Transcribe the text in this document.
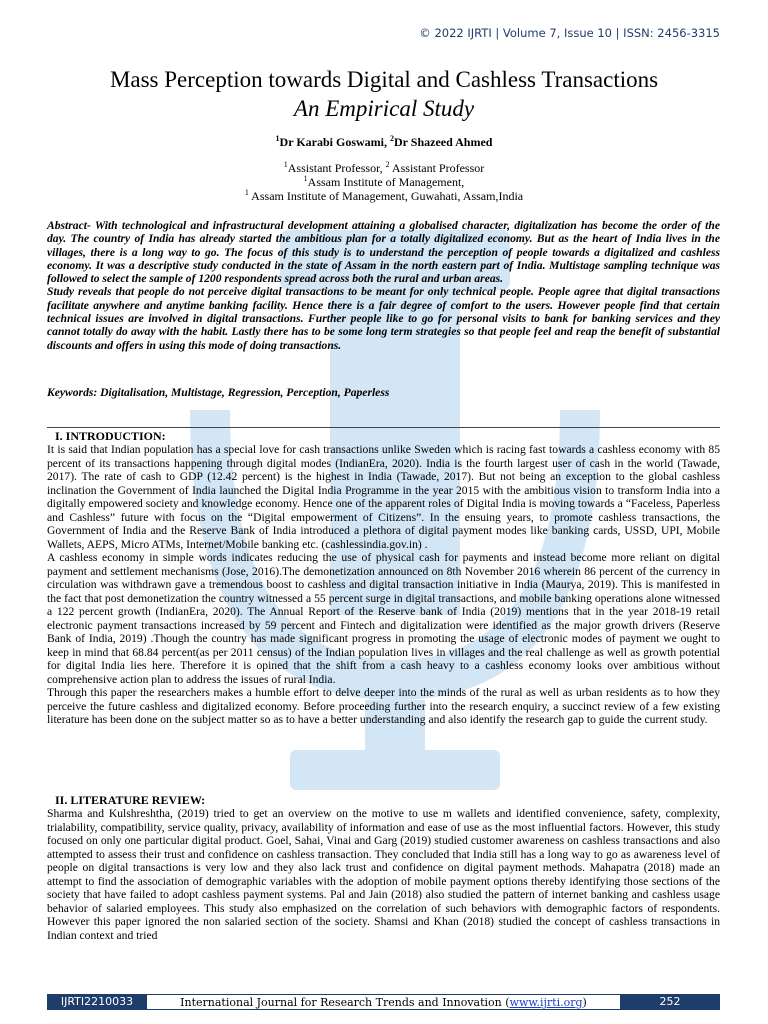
© 2022 IJRTI | Volume 7, Issue 10 | ISSN: 2456-3315
Mass Perception towards Digital and Cashless Transactions
An Empirical Study
$^1$Dr Karabi Goswami, $^2$Dr Shazeed Ahmed
$^1$Assistant Professor, $^2$ Assistant Professor
$^1$Assam Institute of Management,
$^1$ Assam Institute of Management, Guwahati, Assam,India

Abstract- With technological and infrastructural development attaining a globalised character, digitalization has become the order of the day. The country of India has already started the ambitious plan for a totally digitalized economy. But as the heart of India lives in the villages, there is a long way to go. The focus of this study is to understand the perception of people towards a digitalized and cashless economy. It was a descriptive study conducted in the state of Assam in the north eastern part of India. Multistage sampling technique was followed to select the sample of 1200 respondents spread across both the rural and urban areas.

Study reveals that people do not perceive digital transactions to be meant for only technical people. People agree that digital transactions facilitate anywhere and anytime banking facility. Hence there is a fair degree of comfort to the users. However people find that certain technical issues are involved in digital transactions. Further people like to go for personal visits to bank for banking services and they cannot totally do away with the habit. Lastly there has to be some long term strategies so that people feel and reap the benefit of substantial discounts and offers in using this mode of doing transactions.

Keywords: Digitalisation, Multistage, Regression, Perception, Paperless
I. INTRODUCTION:

It is said that Indian population has a special love for cash transactions unlike Sweden which is racing fast towards a cashless economy with 85 percent of its transactions happening through digital modes (IndianEra, 2020). India is the fourth largest user of cash in the world (Tawade, 2017). The rate of cash to GDP (12.42 percent) is the highest in India (Tawade, 2017). But not being an exception to the global cashless inclination the Government of India launched the Digital India Programme in the year 2015 with the ambitious vision to transform India into a digitally empowered society and knowledge economy. Hence one of the apparent roles of Digital India is moving towards a “Faceless, Paperless and Cashless” future with focus on the “Digital empowerment of Citizens”. In the ensuing years, to promote cashless transactions, the Government of India and the Reserve Bank of India introduced a plethora of digital payment modes like banking cards, USSD, UPI, Mobile Wallets, AEPS, Micro ATMs, Internet/Mobile banking etc. (cashlessindia.gov.in) .

A cashless economy in simple words indicates reducing the use of physical cash for payments and instead become more reliant on digital payment and settlement mechanisms (Jose, 2016).The demonetization announced on 8th November 2016 wherein 86 percent of the currency in circulation was withdrawn gave a tremendous boost to cashless and digital transaction initiative in India (Maurya, 2019). This is manifested in the fact that post demonetization the country witnessed a 55 percent surge in digital transactions, and mobile banking operations alone witnessed a 122 percent growth (IndianEra, 2020). The Annual Report of the Reserve bank of India (2019) mentions that in the year 2018-19 retail electronic payment transactions increased by 59 percent and Fintech and digitalization were identified as the major growth drivers (Reserve Bank of India, 2019) .Though the country has made significant progress in promoting the usage of electronic modes of payment we ought to keep in mind that 68.84 percent(as per 2011 census) of the Indian population lives in villages and the real challenge as well as growth potential for digital India lies here. Therefore it is opined that the shift from a cash heavy to a cashless economy looks over ambitious without comprehensive action plan to address the issues of rural India.

Through this paper the researchers makes a humble effort to delve deeper into the minds of the rural as well as urban residents as to how they perceive the future cashless and digitalized economy. Before proceeding further into the research enquiry, a succinct review of a few existing literature has been done on the subject matter so as to have a better understanding and also identify the research gap to guide the current study.

II. LITERATURE REVIEW:

Sharma and Kulshreshtha, (2019) tried to get an overview on the motive to use m wallets and identified convenience, safety, complexity, trialability, compatibility, service quality, privacy, availability of information and ease of use as the most influential factors. However, this study focused on only one particular digital product. Goel, Sahai, Vinai and Garg (2019) studied customer awareness on cashless transactions and also attempted to assess their trust and confidence on cashless transaction. They concluded that India still has a long way to go as awareness level of people on digital transactions is very low and they also lack trust and confidence on digital payment methods. Mahapatra (2018) made an attempt to find the association of demographic variables with the adoption of mobile payment options thereby identifying those sections of the society that have failed to adopt cashless payment systems. Pal and Jain (2018) also studied the pattern of internet banking and cashless usage behavior of salaried employees. This study also emphasized on the correlation of such behaviors with demographic factors of respondents. However this paper ignored the non salaried section of the society. Shamsi and Khan (2018) studied the concept of cashless transactions in Indian context and tried

IJRTI2210033	International Journal for Research Trends and Innovation (www.ijrti.org)	252
